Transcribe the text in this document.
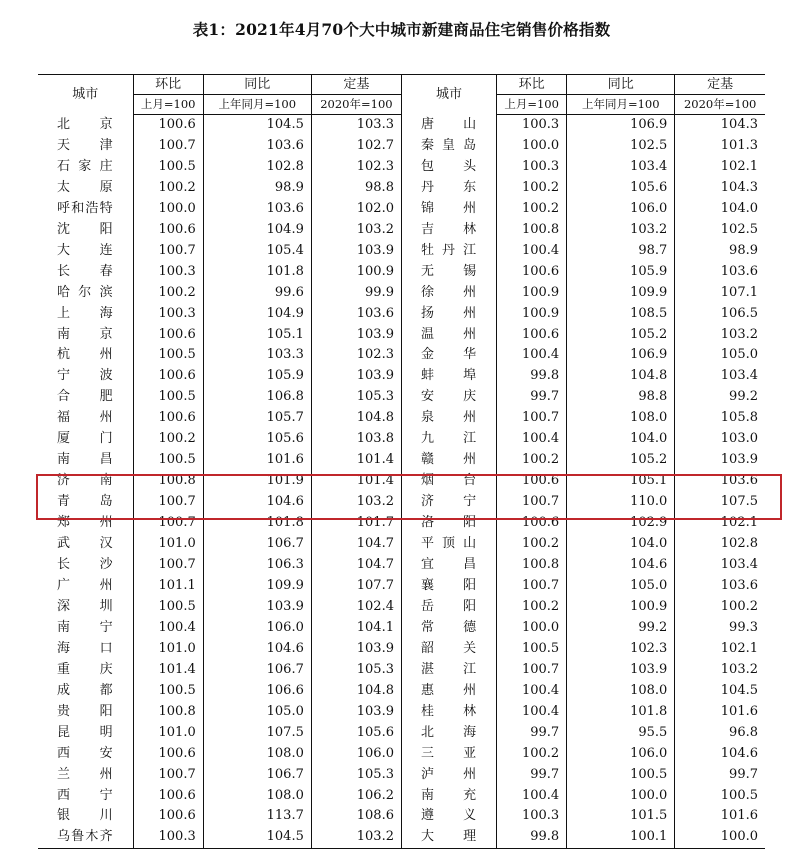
表1：2021年4月70个大中城市新建商品住宅销售价格指数
城市	环比	同比	定基	城市	环比	同比	定基
	上月=100	上年同月=100	2020年=100		上月=100	上年同月=100	2020年=100
北京	100.6	104.5	103.3	唐山	100.3	106.9	104.3
天津	100.7	103.6	102.7	秦皇岛	100.0	102.5	101.3
石家庄	100.5	102.8	102.3	包头	100.3	103.4	102.1
太原	100.2	98.9	98.8	丹东	100.2	105.6	104.3
呼和浩特	100.0	103.6	102.0	锦州	100.2	106.0	104.0
沈阳	100.6	104.9	103.2	吉林	100.8	103.2	102.5
大连	100.7	105.4	103.9	牡丹江	100.4	98.7	98.9
长春	100.3	101.8	100.9	无锡	100.6	105.9	103.6
哈尔滨	100.2	99.6	99.9	徐州	100.9	109.9	107.1
上海	100.3	104.9	103.6	扬州	100.9	108.5	106.5
南京	100.6	105.1	103.9	温州	100.6	105.2	103.2
杭州	100.5	103.3	102.3	金华	100.4	106.9	105.0
宁波	100.6	105.9	103.9	蚌埠	99.8	104.8	103.4
合肥	100.5	106.8	105.3	安庆	99.7	98.8	99.2
福州	100.6	105.7	104.8	泉州	100.7	108.0	105.8
厦门	100.2	105.6	103.8	九江	100.4	104.0	103.0
南昌	100.5	101.6	101.4	赣州	100.2	105.2	103.9
济南	100.8	101.9	101.4	烟台	100.6	105.1	103.6
青岛	100.7	104.6	103.2	济宁	100.7	110.0	107.5
郑州	100.7	101.8	101.7	洛阳	100.6	102.9	102.1
武汉	101.0	106.7	104.7	平顶山	100.2	104.0	102.8
长沙	100.7	106.3	104.7	宜昌	100.8	104.6	103.4
广州	101.1	109.9	107.7	襄阳	100.7	105.0	103.6
深圳	100.5	103.9	102.4	岳阳	100.2	100.9	100.2
南宁	100.4	106.0	104.1	常德	100.0	99.2	99.3
海口	101.0	104.6	103.9	韶关	100.5	102.3	102.1
重庆	101.4	106.7	105.3	湛江	100.7	103.9	103.2
成都	100.5	106.6	104.8	惠州	100.4	108.0	104.5
贵阳	100.8	105.0	103.9	桂林	100.4	101.8	101.6
昆明	101.0	107.5	105.6	北海	99.7	95.5	96.8
西安	100.6	108.0	106.0	三亚	100.2	106.0	104.6
兰州	100.7	106.7	105.3	泸州	99.7	100.5	99.7
西宁	100.6	108.0	106.2	南充	100.4	100.0	100.5
银川	100.6	113.7	108.6	遵义	100.3	101.5	101.6
乌鲁木齐	100.3	104.5	103.2	大理	99.8	100.1	100.0
